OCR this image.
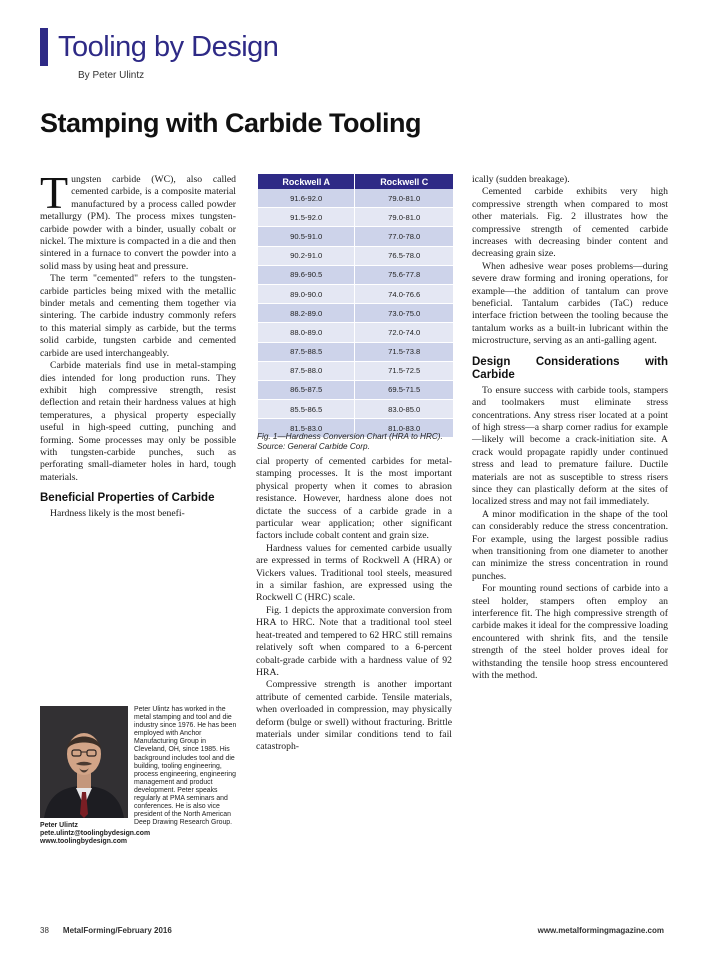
Tooling by Design
By Peter Ulintz
Stamping with Carbide Tooling

Tungsten carbide (WC), also called cemented carbide, is a composite material manufactured by a process called powder metallurgy (PM). The process mixes tungsten-carbide powder with a binder, usually cobalt or nickel. The mixture is compacted in a die and then sintered in a furnace to convert the powder into a solid mass by using heat and pressure.

The term "cemented" refers to the tungsten-carbide particles being mixed with the metallic binder metals and cementing them together via sintering. The carbide industry commonly refers to this material simply as carbide, but the terms solid carbide, tungsten carbide and cemented carbide are used interchangeably.

Carbide materials find use in metal-stamping dies intended for long production runs. They exhibit high compressive strength, resist deflection and retain their hardness values at high temperatures, a physical property especially useful in high-speed cutting, punching and forming. Some processes may only be possible with tungsten-carbide punches, such as perforating small-diameter holes in hard, tough materials.

Beneficial Properties of Carbide

Hardness likely is the most benefi-

Rockwell A	Rockwell C
91.6-92.0	79.0-81.0
91.5-92.0	79.0-81.0
90.5-91.0	77.0-78.0
90.2-91.0	76.5-78.0
89.6-90.5	75.6-77.8
89.0-90.0	74.0-76.6
88.2-89.0	73.0-75.0
88.0-89.0	72.0-74.0
87.5-88.5	71.5-73.8
87.5-88.0	71.5-72.5
86.5-87.5	69.5-71.5
85.5-86.5	83.0-85.0
81.5-83.0	81.0-83.0
Fig. 1—Hardness Conversion Chart (HRA to HRC). Source: General Carbide Corp.

cial property of cemented carbides for metal-stamping processes. It is the most important physical property when it comes to abrasion resistance. However, hardness alone does not dictate the success of a carbide grade in a particular wear application; other significant factors include cobalt content and grain size.

Hardness values for cemented carbide usually are expressed in terms of Rockwell A (HRA) or Vickers values. Traditional tool steels, measured in a similar fashion, are expressed using the Rockwell C (HRC) scale.

Fig. 1 depicts the approximate conversion from HRA to HRC. Note that a traditional tool steel heat-treated and tempered to 62 HRC still remains relatively soft when compared to a 6-percent cobalt-grade carbide with a hardness value of 92 HRA.

Compressive strength is another important attribute of cemented carbide. Tensile materials, when overloaded in compression, may physically deform (bulge or swell) without fracturing. Brittle materials under similar conditions tend to fail catastroph-

ically (sudden breakage).

Cemented carbide exhibits very high compressive strength when compared to most other materials. Fig. 2 illustrates how the compressive strength of cemented carbide increases with decreasing binder content and decreasing grain size.

When adhesive wear poses problems—during severe draw forming and ironing operations, for example—the addition of tantalum can prove beneficial. Tantalum carbides (TaC) reduce interface friction between the tooling because the tantalum works as a built-in lubricant within the microstructure, serving as an anti-galling agent.

Design Considerations with Carbide

To ensure success with carbide tools, stampers and toolmakers must eliminate stress concentrations. Any stress riser located at a point of high stress—a sharp corner radius for example—likely will become a crack-initiation site. A crack would propagate rapidly under continued stress and lead to premature failure. Ductile materials are not as susceptible to stress risers since they can plastically deform at the sites of localized stress and may not fail immediately.

A minor modification in the shape of the tool can considerably reduce the stress concentration. For example, using the largest possible radius when transitioning from one diameter to another can minimize the stress concentration in round punches.

For mounting round sections of carbide into a steel holder, stampers often employ an interference fit. The high compressive strength of carbide makes it ideal for the compressive loading encountered with shrink fits, and the tensile strength of the steel holder proves ideal for withstanding the tensile hoop stress encountered with the method.

Peter Ulintz has worked in the metal stamping and tool and die industry since 1976. He has been employed with Anchor Manufacturing Group in Cleveland, OH, since 1985. His background includes tool and die building, tooling engineering, process engineering, engineering management and product development. Peter speaks regularly at PMA seminars and conferences. He is also vice president of the North American Deep Drawing Research Group.
Peter Ulintz
pete.ulintz@toolingbydesign.com
www.toolingbydesign.com
38 MetalForming/February 2016	www.metalformingmagazine.com
